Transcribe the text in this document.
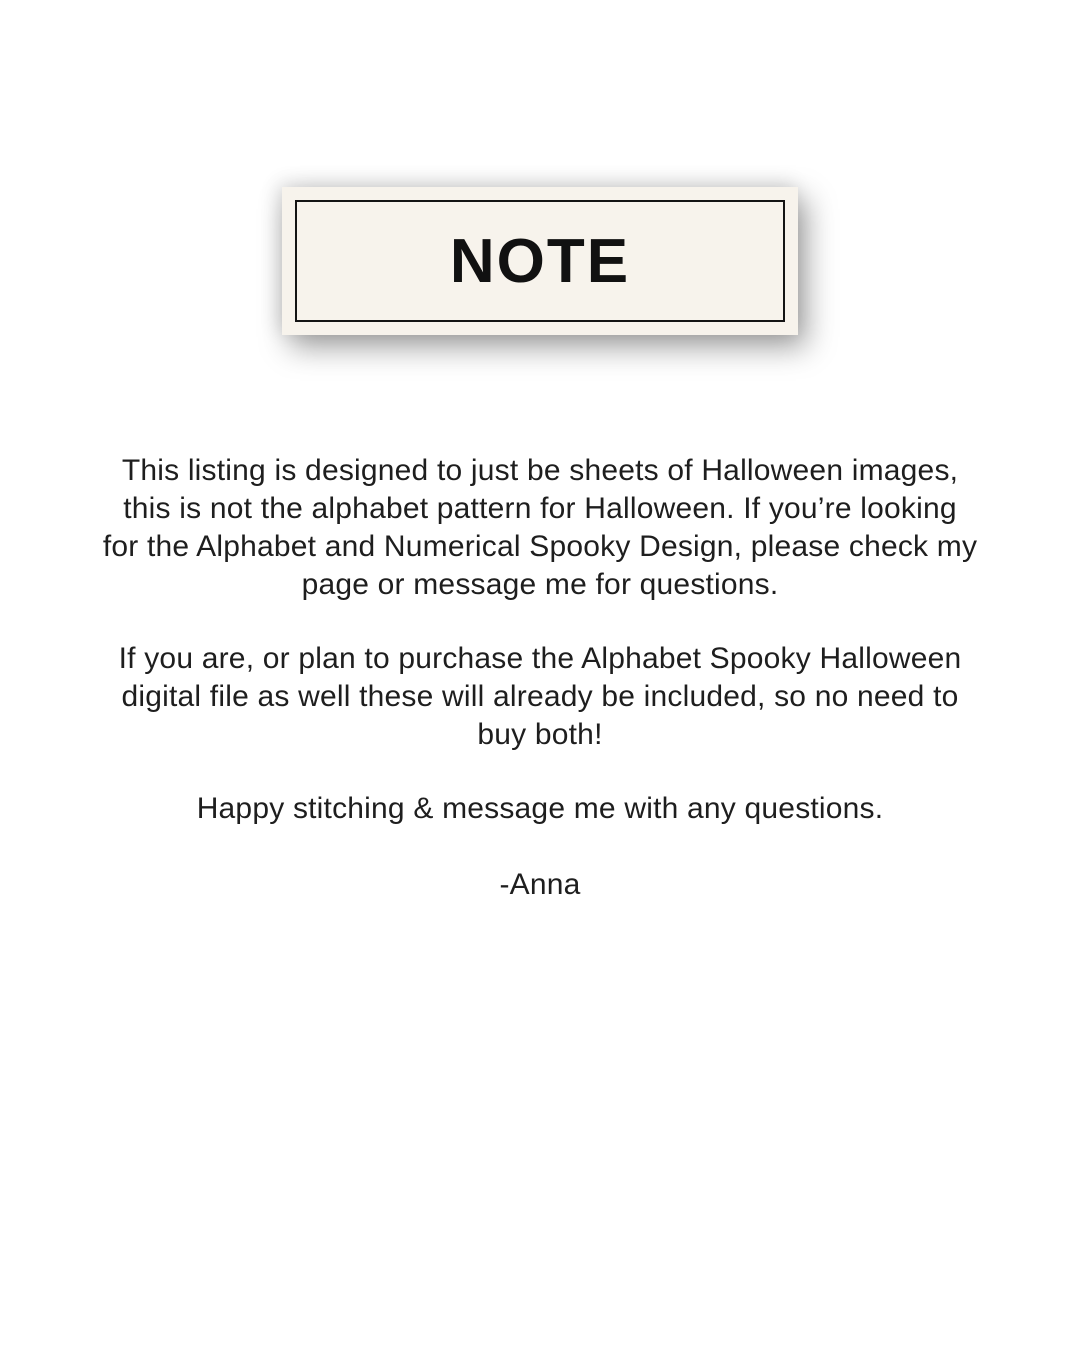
NOTE
This listing is designed to just be sheets of Halloween images,
this is not the alphabet pattern for Halloween. If you’re looking
for the Alphabet and Numerical Spooky Design, please check my
page or message me for questions.
If you are, or plan to purchase the Alphabet Spooky Halloween
digital file as well these will already be included, so no need to
buy both!
Happy stitching & message me with any questions.
-Anna
